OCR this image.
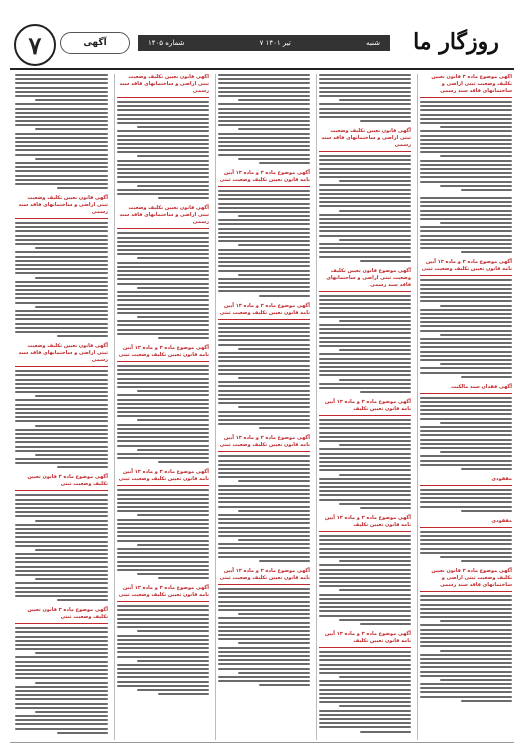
۷	آگهی	شماره ۱۴۰۵	۷ تیر ۱۴۰۱	شنبه	روزگار ما
آگهی موضوع ماده ۳ قانون تعیین تکلیف وضعیت ثبتی اراضی و ساختمانهای فاقد سند رسمی
آگهی موضوع ماده ۳ و ماده ۱۳ آیین نامه قانون تعیین تکلیف وضعیت ثبتی
آگهی فقدان سند مالکیت
مفقودی
مفقودی
آگهی موضوع ماده ۳ قانون تعیین تکلیف وضعیت ثبتی اراضی و ساختمانهای فاقد سند رسمی
آگهی قانون تعیین تکلیف وضعیت ثبتی اراضی و ساختمانهای فاقد سند رسمی
آگهی موضوع قانون تعیین تکلیف وضعیت ثبتی اراضی و ساختمانهای فاقد سند رسمی
آگهی موضوع ماده ۳ و ماده ۱۳ آیین نامه قانون تعیین تکلیف
آگهی موضوع ماده ۳ و ماده ۱۳ آیین نامه قانون تعیین تکلیف
آگهی موضوع ماده ۳ و ماده ۱۳ آیین نامه قانون تعیین تکلیف
آگهی موضوع ماده ۳ و ماده ۱۳ آیین نامه قانون تعیین تکلیف وضعیت ثبتی
آگهی موضوع ماده ۳ و ماده ۱۳ آیین نامه قانون تعیین تکلیف وضعیت ثبتی
آگهی موضوع ماده ۳ و ماده ۱۳ آیین نامه قانون تعیین تکلیف وضعیت ثبتی
آگهی موضوع ماده ۳ و ماده ۱۳ آیین نامه قانون تعیین تکلیف وضعیت ثبتی
آگهی قانون تعیین تکلیف وضعیت ثبتی اراضی و ساختمانهای فاقد سند رسمی
آگهی قانون تعیین تکلیف وضعیت ثبتی اراضی و ساختمانهای فاقد سند رسمی
آگهی موضوع ماده ۳ و ماده ۱۳ آیین نامه قانون تعیین تکلیف وضعیت ثبتی
آگهی موضوع ماده ۳ و ماده ۱۳ آیین نامه قانون تعیین تکلیف وضعیت ثبتی
آگهی موضوع ماده ۳ و ماده ۱۳ آیین نامه قانون تعیین تکلیف وضعیت ثبتی
آگهی قانون تعیین تکلیف وضعیت ثبتی اراضی و ساختمانهای فاقد سند رسمی
آگهی قانون تعیین تکلیف وضعیت ثبتی اراضی و ساختمانهای فاقد سند رسمی
آگهی موضوع ماده ۳ قانون تعیین تکلیف وضعیت ثبتی
آگهی موضوع ماده ۳ قانون تعیین تکلیف وضعیت ثبتی
